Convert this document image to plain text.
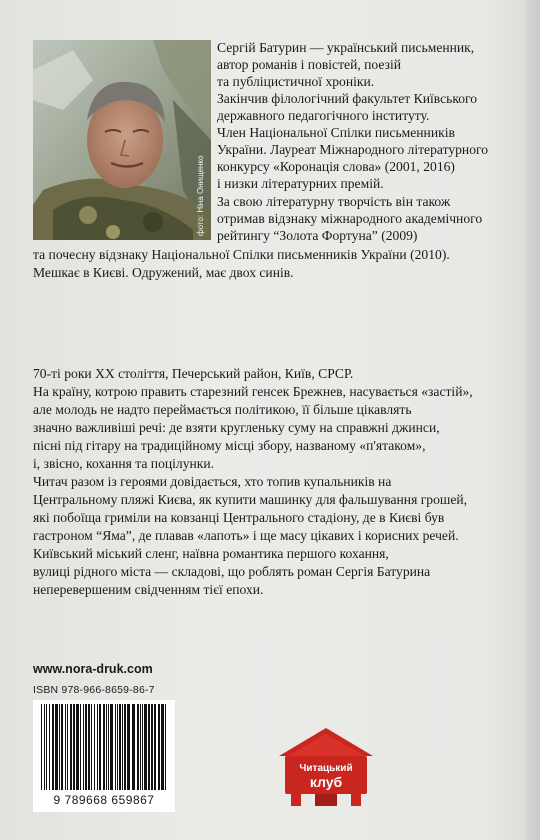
фото: Ніна Онищенко
Сергій Батурин — український письменник,
автор романів і повістей, поезій
та публіцистичної хроніки.
Закінчив філологічний факультет Київського
державного педагогічного інституту.
Член Національної Спілки письменників
України. Лауреат Міжнародного літературного
конкурсу «Коронація слова» (2001, 2016)
і низки літературних премій.
За свою літературну творчість він також
отримав відзнаку міжнародного академічного
рейтингу “Золота Фортуна” (2009)
та почесну відзнаку Національної Спілки письменників України (2010).
Мешкає в Києві. Одружений, має двох синів.
70-ті роки XX століття, Печерський район, Київ, СРСР.
На країну, котрою править старезний генсек Брежнев, насувається «застій»,
але молодь не надто переймається політикою, її більше цікавлять
значно важливіші речі: де взяти кругленьку суму на справжні джинси,
пісні під гітару на традиційному місці збору, названому «п'ятаком»,
і, звісно, кохання та поцілунки.
Читач разом із героями довідається, хто топив купальників на
Центральному пляжі Києва, як купити машинку для фальшування грошей,
які побоїща гриміли на ковзанці Центрального стадіону, де в Києві був
гастроном “Яма”, де плавав «лапоть» і ще масу цікавих і корисних речей.
Київський міський сленг, наївна романтика першого кохання,
вулиці рідного міста — складові, що роблять роман Сергія Батурина
неперевершеним свідченням тієї епохи.
www.nora-druk.com
ISBN 978-966-8659-86-7
9 789668 659867
Читацький
клуб
